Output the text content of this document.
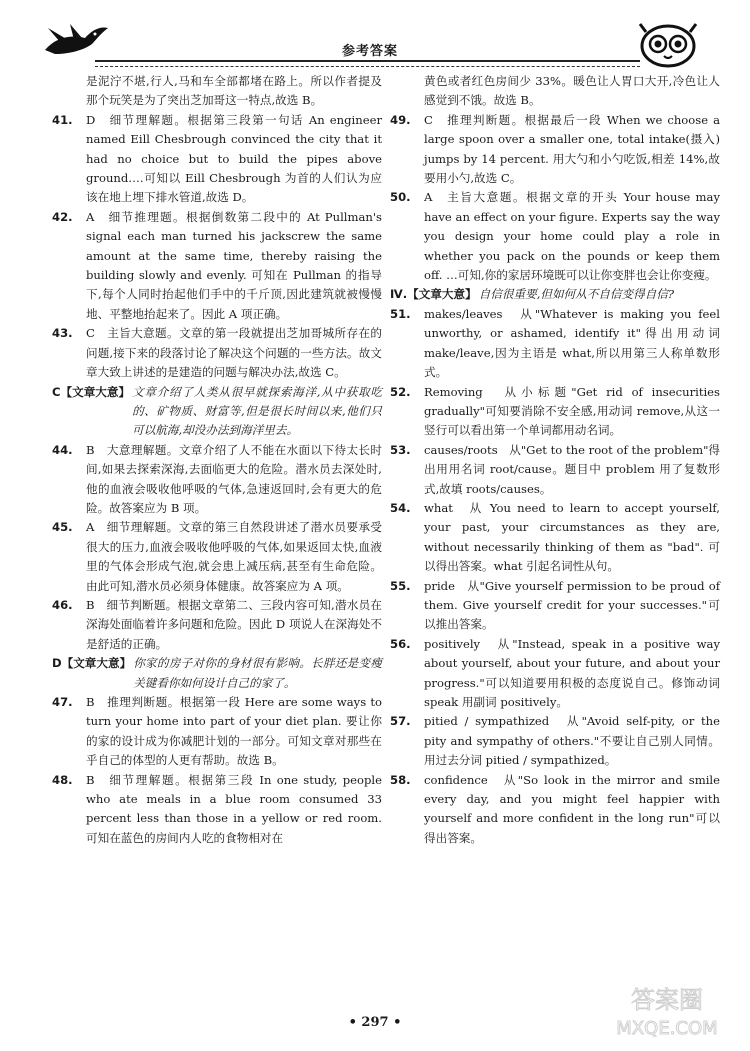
参考答案
是泥泞不堪,行人,马和车全部都堵在路上。所以作者提及那个玩笑是为了突出芝加哥这一特点,故选 B。
41.	D　细节理解题。根据第三段第一句话 An engineer named Eill Chesbrough convinced the city that it had no choice but to build the pipes above ground….可知以 Eill Chesbrough 为首的人们认为应该在地上埋下排水管道,故选 D。
42.	A　细节推理题。根据倒数第二段中的 At Pullman's signal each man turned his jackscrew the same amount at the same time, thereby raising the building slowly and evenly. 可知在 Pullman 的指导下,每个人同时抬起他们手中的千斤顶,因此建筑就被慢慢地、平整地抬起来了。因此 A 项正确。
43.	C　主旨大意题。文章的第一段就提出芝加哥城所存在的问题,接下来的段落讨论了解决这个问题的一些方法。故文章大致上讲述的是建造的问题与解决办法,故选 C。
C【文章大意】 文章介绍了人类从很早就探索海洋,从中获取吃的、矿物质、财富等,但是很长时间以来,他们只可以航海,却没办法到海洋里去。
44.	B　大意理解题。文章介绍了人不能在水面以下待太长时间,如果去探索深海,去面临更大的危险。潜水员去深处时,他的血液会吸收他呼吸的气体,急速返回时,会有更大的危险。故答案应为 B 项。
45.	A　细节理解题。文章的第三自然段讲述了潜水员要承受很大的压力,血液会吸收他呼吸的气体,如果返回太快,血液里的气体会形成气泡,就会患上减压病,甚至有生命危险。由此可知,潜水员必须身体健康。故答案应为 A 项。
46.	B　细节判断题。根据文章第二、三段内容可知,潜水员在深海处面临着许多问题和危险。因此 D 项说人在深海处不是舒适的正确。
D【文章大意】 你家的房子对你的身材很有影响。长胖还是变瘦关键看你如何设计自己的家了。
47.	B　推理判断题。根据第一段 Here are some ways to turn your home into part of your diet plan. 要让你的家的设计成为你减肥计划的一部分。可知文章对那些在乎自己的体型的人更有帮助。故选 B。
48.	B　细节理解题。根据第三段 In one study, people who ate meals in a blue room consumed 33 percent less than those in a yellow or red room. 可知在蓝色的房间内人吃的食物相对在
黄色或者红色房间少 33%。暖色让人胃口大开,冷色让人感觉到不饿。故选 B。
49.	C　推理判断题。根据最后一段 When we choose a large spoon over a smaller one, total intake(摄入) jumps by 14 percent. 用大勺和小勺吃饭,相差 14%,故要用小勺,故选 C。
50.	A　主旨大意题。根据文章的开头 Your house may have an effect on your figure. Experts say the way you design your home could play a role in whether you pack on the pounds or keep them off. …可知,你的家居环境既可以让你变胖也会让你变瘦。
Ⅳ.【文章大意】 自信很重要,但如何从不自信变得自信?
51.	makes/leaves　从"Whatever is making you feel unworthy, or ashamed, identify it"得出用动词 make/leave,因为主语是 what,所以用第三人称单数形式。
52.	Removing　从小标题"Get rid of insecurities gradually"可知要消除不安全感,用动词 remove,从这一竖行可以看出第一个单词都用动名词。
53.	causes/roots　从"Get to the root of the problem"得出用用名词 root/cause。题目中 problem 用了复数形式,故填 roots/causes。
54.	what　从 You need to learn to accept yourself, your past, your circumstances as they are, without necessarily thinking of them as "bad". 可以得出答案。what 引起名词性从句。
55.	pride　从"Give yourself permission to be proud of them. Give yourself credit for your successes."可以推出答案。
56.	positively　从"Instead, speak in a positive way about yourself, about your future, and about your progress."可以知道要用积极的态度说自己。修饰动词 speak 用副词 positively。
57.	pitied / sympathized　从"Avoid self-pity, or the pity and sympathy of others."不要让自己别人同情。用过去分词 pitied / sympathized。
58.	confidence　从"So look in the mirror and smile every day, and you might feel happier with yourself and more confident in the long run"可以得出答案。
• 297 •
答案圈
MXQE.COM
